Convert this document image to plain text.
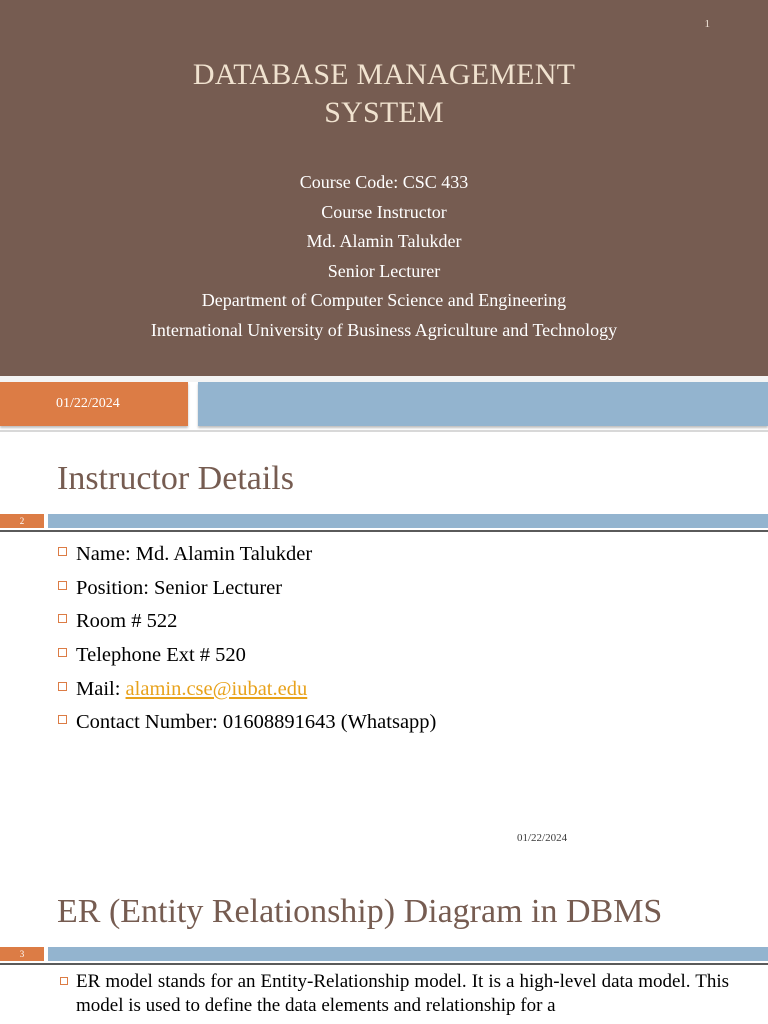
1
DATABASE MANAGEMENT
SYSTEM
Course Code: CSC 433
Course Instructor
Md. Alamin Talukder
Senior Lecturer
Department of Computer Science and Engineering
International University of Business Agriculture and Technology
01/22/2024
Instructor Details
2
Name: Md. Alamin Talukder
Position: Senior Lecturer
Room # 522
Telephone Ext # 520
Mail: alamin.cse@iubat.edu
Contact Number: 01608891643 (Whatsapp)
01/22/2024
ER (Entity Relationship) Diagram in DBMS
3
ER model stands for an Entity-Relationship model. It is a high-level data model. This model is used to define the data elements and relationship for a
